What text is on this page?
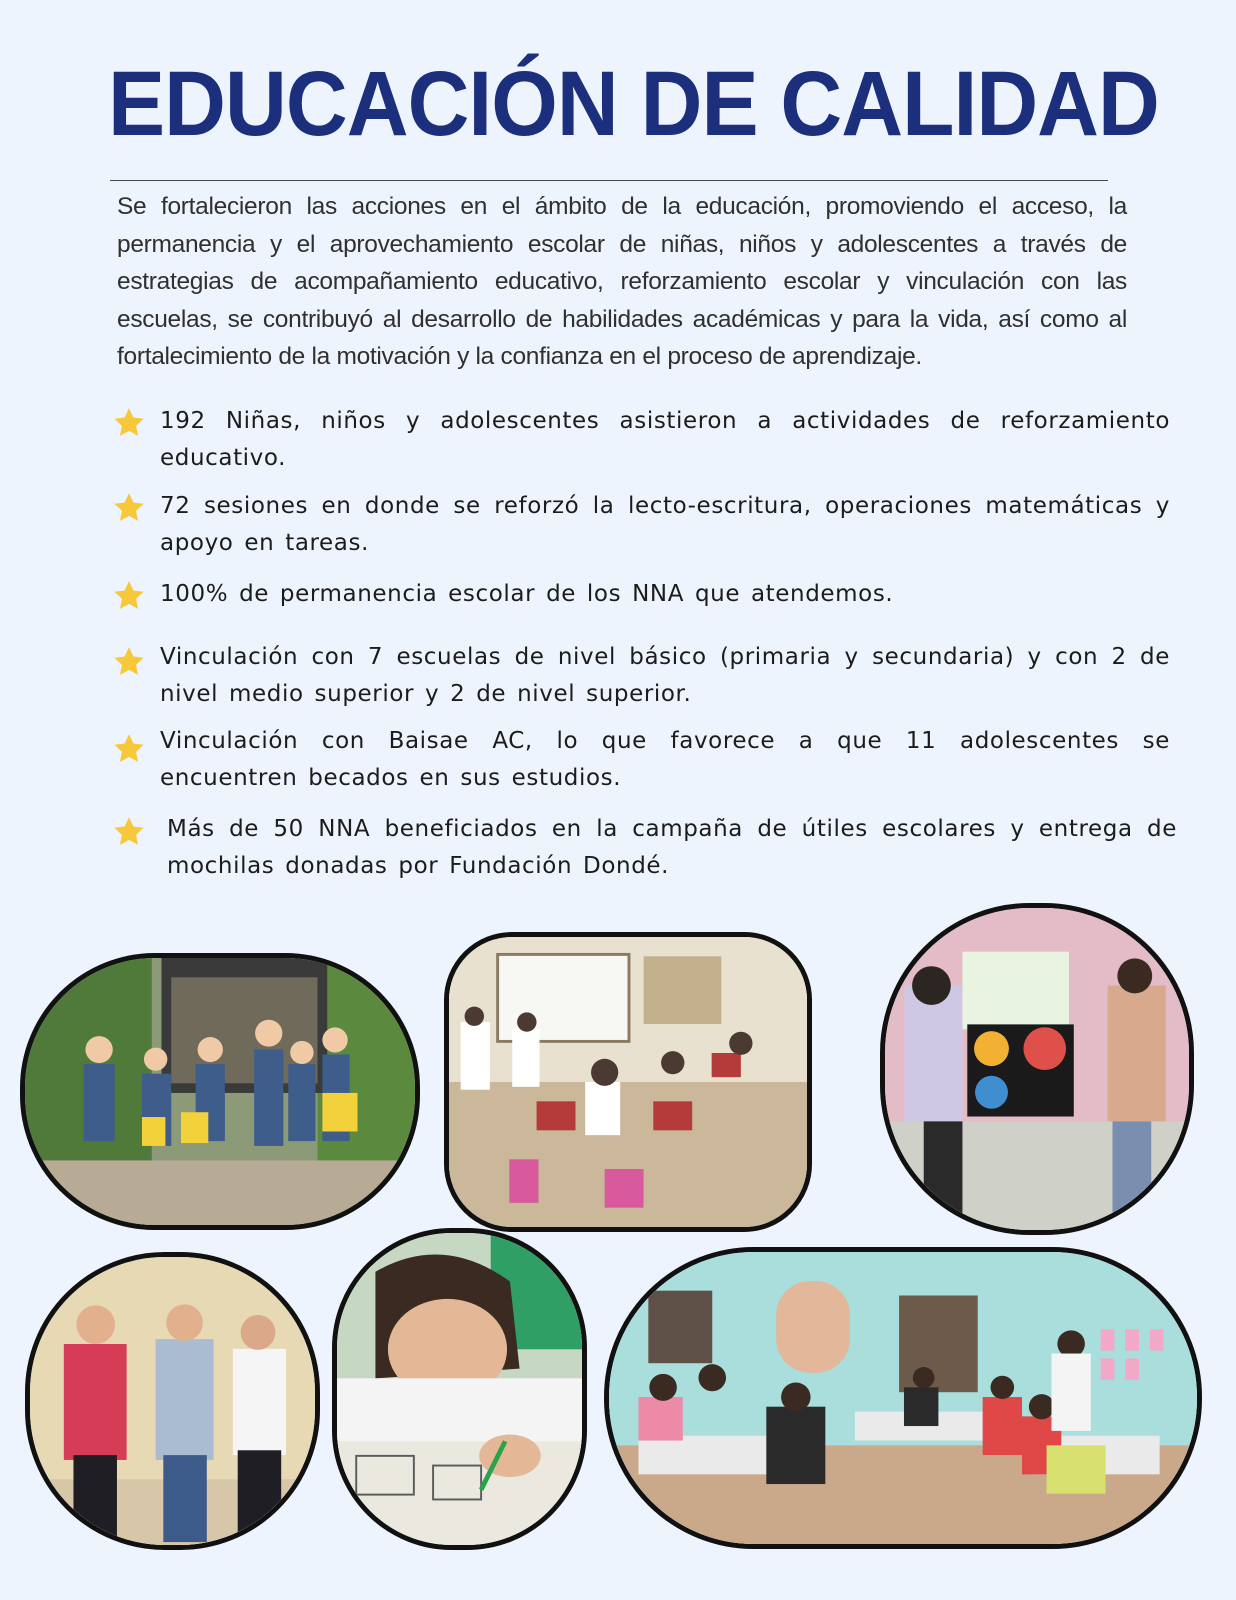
EDUCACIÓN DE CALIDAD

Se fortalecieron las acciones en el ámbito de la educación, promoviendo el acceso, la permanencia y el aprovechamiento escolar de niñas, niños y adolescentes a través de estrategias de acompañamiento educativo, reforzamiento escolar y vinculación con las escuelas, se contribuyó al desarrollo de habilidades académicas y para la vida, así como al fortalecimiento de la motivación y la confianza en el proceso de aprendizaje.

192 Niñas, niños y adolescentes asistieron a actividades de reforzamiento educativo.
72 sesiones en donde se reforzó la lecto-escritura, operaciones matemáticas y apoyo en tareas.
100% de permanencia escolar de los NNA que atendemos.
Vinculación con 7 escuelas de nivel básico (primaria y secundaria) y con 2 de nivel medio superior y 2 de nivel superior.
Vinculación con Baisae AC, lo que favorece a que 11 adolescentes se encuentren becados en sus estudios.
Más de 50 NNA beneficiados en la campaña de útiles escolares y entrega de mochilas donadas por Fundación Dondé.
